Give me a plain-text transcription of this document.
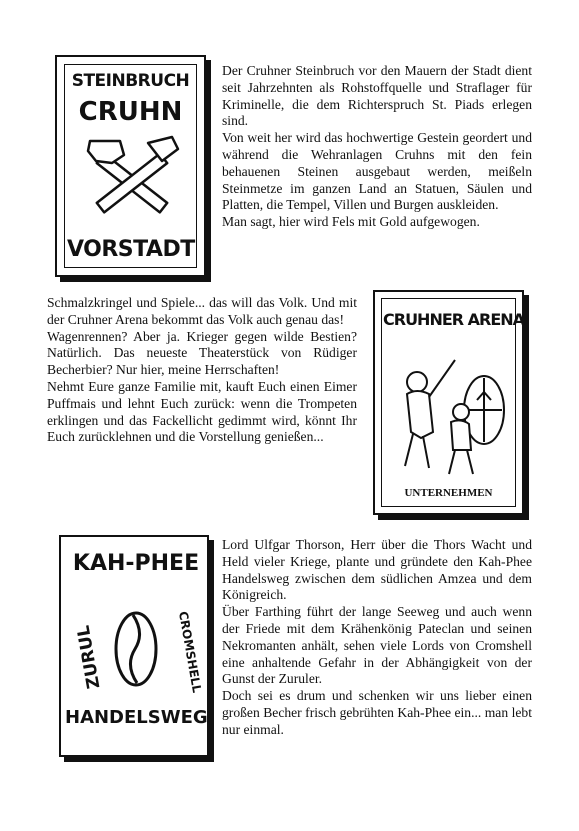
STEINBRUCH
CRUHN
VORSTADT

Der Cruhner Steinbruch vor den Mauern der Stadt dient seit Jahrzehnten als Rohstoffquelle und Straflager für Kriminelle, die dem Richterspruch St. Piads erlegen sind.

Von weit her wird das hochwertige Gestein geordert und während die Wehranlagen Cruhns mit den fein behauenen Steinen ausgebaut werden, meißeln Steinmetze im ganzen Land an Statuen, Säulen und Platten, die Tempel, Villen und Burgen auskleiden.

Man sagt, hier wird Fels mit Gold aufgewogen.

Schmalzkringel und Spiele... das will das Volk. Und mit der Cruhner Arena bekommt das Volk auch genau das!

Wagenrennen? Aber ja. Krieger gegen wilde Bestien? Natürlich. Das neueste Theaterstück von Rüdiger Becherbier? Nur hier, meine Herrschaften!

Nehmt Eure ganze Familie mit, kauft Euch einen Eimer Puffmais und lehnt Euch zurück: wenn die Trompeten erklingen und das Fackellicht gedimmt wird, könnt Ihr Euch zurücklehnen und die Vorstellung genießen...

CRUHNER ARENA
UNTERNEHMEN
KAH-PHEE
ZURUL	CROMSHELL
HANDELSWEG

Lord Ulfgar Thorson, Herr über die Thors Wacht und Held vieler Kriege, plante und gründete den Kah-Phee Handelsweg zwischen dem südlichen Amzea und dem Königreich.

Über Farthing führt der lange Seeweg und auch wenn der Friede mit dem Krähenkönig Pateclan und seinen Nekromanten anhält, sehen viele Lords von Cromshell eine anhaltende Gefahr in der Abhängigkeit von der Gunst der Zuruler.

Doch sei es drum und schenken wir uns lieber einen großen Becher frisch gebrühten Kah-Phee ein... man lebt nur einmal.
